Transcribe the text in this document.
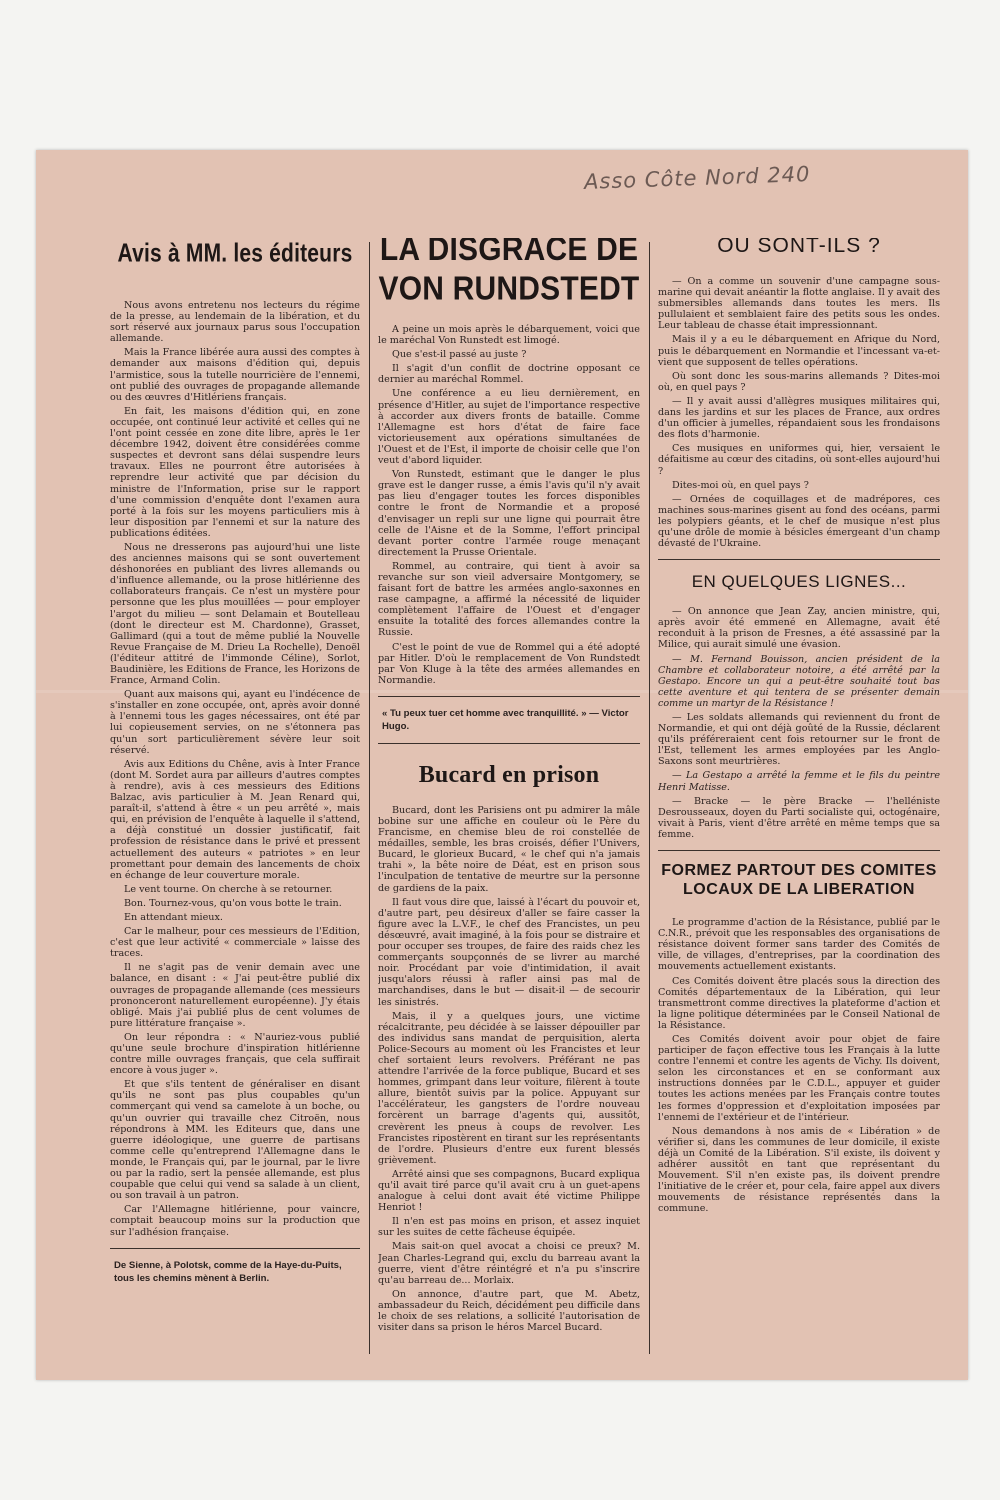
Asso Côte Nord 240
Avis à MM. les éditeurs

Nous avons entretenu nos lecteurs du régime de la presse, au lendemain de la libération, et du sort réservé aux journaux parus sous l'occupation allemande.

Mais la France libérée aura aussi des comptes à demander aux maisons d'édition qui, depuis l'armistice, sous la tutelle nourricière de l'ennemi, ont publié des ouvrages de propagande allemande ou des œuvres d'Hitlériens français.

En fait, les maisons d'édition qui, en zone occupée, ont continué leur activité et celles qui ne l'ont point cessée en zone dite libre, après le 1er décembre 1942, doivent être considérées comme suspectes et devront sans délai suspendre leurs travaux. Elles ne pourront être autorisées à reprendre leur activité que par décision du ministre de l'Information, prise sur le rapport d'une commission d'enquête dont l'examen aura porté à la fois sur les moyens particuliers mis à leur disposition par l'ennemi et sur la nature des publications éditées.

Nous ne dresserons pas aujourd'hui une liste des anciennes maisons qui se sont ouvertement déshonorées en publiant des livres allemands ou d'influence allemande, ou la prose hitlérienne des collaborateurs français. Ce n'est un mystère pour personne que les plus mouillées — pour employer l'argot du milieu — sont Delamain et Boutelleau (dont le directeur est M. Chardonne), Grasset, Gallimard (qui a tout de même publié la Nouvelle Revue Française de M. Drieu La Rochelle), Denoël (l'éditeur attitré de l'immonde Céline), Sorlot, Baudinière, les Editions de France, les Horizons de France, Armand Colin.

Quant aux maisons qui, ayant eu l'indécence de s'installer en zone occupée, ont, après avoir donné à l'ennemi tous les gages nécessaires, ont été par lui copieusement servies, on ne s'étonnera pas qu'un sort particulièrement sévère leur soit réservé.

Avis aux Editions du Chêne, avis à Inter France (dont M. Sordet aura par ailleurs d'autres comptes à rendre), avis à ces messieurs des Editions Balzac, avis particulier à M. Jean Renard qui, paraît-il, s'attend à être « un peu arrêté », mais qui, en prévision de l'enquête à laquelle il s'attend, a déjà constitué un dossier justificatif, fait profession de résistance dans le privé et pressent actuellement des auteurs « patriotes » en leur promettant pour demain des lancements de choix en échange de leur couverture morale.

Le vent tourne. On cherche à se retourner.

Bon. Tournez-vous, qu'on vous botte le train.

En attendant mieux.

Car le malheur, pour ces messieurs de l'Edition, c'est que leur activité « commerciale » laisse des traces.

Il ne s'agit pas de venir demain avec une balance, en disant : « J'ai peut-être publié dix ouvrages de propagande allemande (ces messieurs prononceront naturellement européenne). J'y étais obligé. Mais j'ai publié plus de cent volumes de pure littérature française ».

On leur répondra : « N'auriez-vous publié qu'une seule brochure d'inspiration hitlérienne contre mille ouvrages français, que cela suffirait encore à vous juger ».

Et que s'ils tentent de généraliser en disant qu'ils ne sont pas plus coupables qu'un commerçant qui vend sa camelote à un boche, ou qu'un ouvrier qui travaille chez Citroën, nous répondrons à MM. les Editeurs que, dans une guerre idéologique, une guerre de partisans comme celle qu'entreprend l'Allemagne dans le monde, le Français qui, par le journal, par le livre ou par la radio, sert la pensée allemande, est plus coupable que celui qui vend sa salade à un client, ou son travail à un patron.

Car l'Allemagne hitlérienne, pour vaincre, comptait beaucoup moins sur la production que sur l'adhésion française.

De Sienne, à Polotsk, comme de la Haye-du-Puits, tous les chemins mènent à Berlin.
LA DISGRACE DE VON RUNDSTEDT

A peine un mois après le débarquement, voici que le maréchal Von Runstedt est limogé.

Que s'est-il passé au juste ?

Il s'agit d'un conflit de doctrine opposant ce dernier au maréchal Rommel.

Une conférence a eu lieu dernièrement, en présence d'Hitler, au sujet de l'importance respective à accorder aux divers fronts de bataille. Comme l'Allemagne est hors d'état de faire face victorieusement aux opérations simultanées de l'Ouest et de l'Est, il importe de choisir celle que l'on veut d'abord liquider.

Von Runstedt, estimant que le danger le plus grave est le danger russe, a émis l'avis qu'il n'y avait pas lieu d'engager toutes les forces disponibles contre le front de Normandie et a proposé d'envisager un repli sur une ligne qui pourrait être celle de l'Aisne et de la Somme, l'effort principal devant porter contre l'armée rouge menaçant directement la Prusse Orientale.

Rommel, au contraire, qui tient à avoir sa revanche sur son vieil adversaire Montgomery, se faisant fort de battre les armées anglo-saxonnes en rase campagne, a affirmé la nécessité de liquider complètement l'affaire de l'Ouest et d'engager ensuite la totalité des forces allemandes contre la Russie.

C'est le point de vue de Rommel qui a été adopté par Hitler. D'où le remplacement de Von Rundstedt par Von Kluge à la tête des armées allemandes en Normandie.

« Tu peux tuer cet homme avec tranquillité. » — Victor Hugo.
Bucard en prison

Bucard, dont les Parisiens ont pu admirer la mâle bobine sur une affiche en couleur où le Père du Francisme, en chemise bleu de roi constellée de médailles, semble, les bras croisés, défier l'Univers, Bucard, le glorieux Bucard, « le chef qui n'a jamais trahi », la bête noire de Déat, est en prison sous l'inculpation de tentative de meurtre sur la personne de gardiens de la paix.

Il faut vous dire que, laissé à l'écart du pouvoir et, d'autre part, peu désireux d'aller se faire casser la figure avec la L.V.F., le chef des Francistes, un peu désœuvré, avait imaginé, à la fois pour se distraire et pour occuper ses troupes, de faire des raids chez les commerçants soupçonnés de se livrer au marché noir. Procédant par voie d'intimidation, il avait jusqu'alors réussi à rafler ainsi pas mal de marchandises, dans le but — disait-il — de secourir les sinistrés.

Mais, il y a quelques jours, une victime récalcitrante, peu décidée à se laisser dépouiller par des individus sans mandat de perquisition, alerta Police-Secours au moment où les Francistes et leur chef sortaient leurs revolvers. Préférant ne pas attendre l'arrivée de la force publique, Bucard et ses hommes, grimpant dans leur voiture, filèrent à toute allure, bientôt suivis par la police. Appuyant sur l'accélérateur, les gangsters de l'ordre nouveau forcèrent un barrage d'agents qui, aussitôt, crevèrent les pneus à coups de revolver. Les Francistes ripostèrent en tirant sur les représentants de l'ordre. Plusieurs d'entre eux furent blessés grièvement.

Arrêté ainsi que ses compagnons, Bucard expliqua qu'il avait tiré parce qu'il avait cru à un guet-apens analogue à celui dont avait été victime Philippe Henriot !

Il n'en est pas moins en prison, et assez inquiet sur les suites de cette fâcheuse équipée.

Mais sait-on quel avocat a choisi ce preux? M. Jean Charles-Legrand qui, exclu du barreau avant la guerre, vient d'être réintégré et n'a pu s'inscrire qu'au barreau de... Morlaix.

On annonce, d'autre part, que M. Abetz, ambassadeur du Reich, décidément peu difficile dans le choix de ses relations, a sollicité l'autorisation de visiter dans sa prison le héros Marcel Bucard.

OU SONT-ILS ?

— On a comme un souvenir d'une campagne sous-marine qui devait anéantir la flotte anglaise. Il y avait des submersibles allemands dans toutes les mers. Ils pullulaient et semblaient faire des petits sous les ondes. Leur tableau de chasse était impressionnant.

Mais il y a eu le débarquement en Afrique du Nord, puis le débarquement en Normandie et l'incessant va-et-vient que supposent de telles opérations.

Où sont donc les sous-marins allemands ? Dites-moi où, en quel pays ?

— Il y avait aussi d'allègres musiques militaires qui, dans les jardins et sur les places de France, aux ordres d'un officier à jumelles, répandaient sous les frondaisons des flots d'harmonie.

Ces musiques en uniformes qui, hier, versaient le défaitisme au cœur des citadins, où sont-elles aujourd'hui ?

Dites-moi où, en quel pays ?

— Ornées de coquillages et de madrépores, ces machines sous-marines gisent au fond des océans, parmi les polypiers géants, et le chef de musique n'est plus qu'une drôle de momie à bésicles émergeant d'un champ dévasté de l'Ukraine.

EN QUELQUES LIGNES...

— On annonce que Jean Zay, ancien ministre, qui, après avoir été emmené en Allemagne, avait été reconduit à la prison de Fresnes, a été assassiné par la Milice, qui aurait simulé une évasion.

— M. Fernand Bouisson, ancien président de la Chambre et collaborateur notoire, a été arrêté par la Gestapo. Encore un qui a peut-être souhaité tout bas cette aventure et qui tentera de se présenter demain comme un martyr de la Résistance !

— Les soldats allemands qui reviennent du front de Normandie, et qui ont déjà goûté de la Russie, déclarent qu'ils préféreraient cent fois retourner sur le front de l'Est, tellement les armes employées par les Anglo-Saxons sont meurtrières.

— La Gestapo a arrêté la femme et le fils du peintre Henri Matisse.

— Bracke — le père Bracke — l'helléniste Desrousseaux, doyen du Parti socialiste qui, octogénaire, vivait à Paris, vient d'être arrêté en même temps que sa femme.

FORMEZ PARTOUT DES COMITES LOCAUX DE LA LIBERATION

Le programme d'action de la Résistance, publié par le C.N.R., prévoit que les responsables des organisations de résistance doivent former sans tarder des Comités de ville, de villages, d'entreprises, par la coordination des mouvements actuellement existants.

Ces Comités doivent être placés sous la direction des Comités départementaux de la Libération, qui leur transmettront comme directives la plateforme d'action et la ligne politique déterminées par le Conseil National de la Résistance.

Ces Comités doivent avoir pour objet de faire participer de façon effective tous les Français à la lutte contre l'ennemi et contre les agents de Vichy. Ils doivent, selon les circonstances et en se conformant aux instructions données par le C.D.L., appuyer et guider toutes les actions menées par les Français contre toutes les formes d'oppression et d'exploitation imposées par l'ennemi de l'extérieur et de l'intérieur.

Nous demandons à nos amis de « Libération » de vérifier si, dans les communes de leur domicile, il existe déjà un Comité de la Libération. S'il existe, ils doivent y adhérer aussitôt en tant que représentant du Mouvement. S'il n'en existe pas, ils doivent prendre l'initiative de le créer et, pour cela, faire appel aux divers mouvements de résistance représentés dans la commune.
